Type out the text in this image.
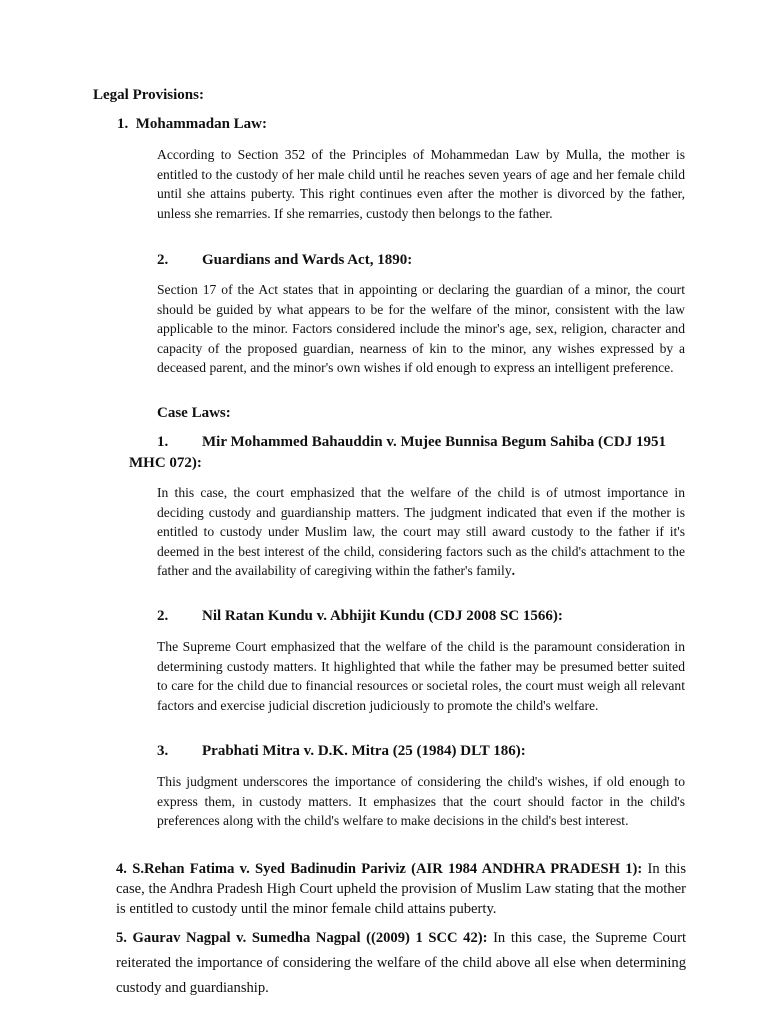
Legal Provisions:

1. Mohammadan Law:

According to Section 352 of the Principles of Mohammedan Law by Mulla, the mother is entitled to the custody of her male child until he reaches seven years of age and her female child until she attains puberty. This right continues even after the mother is divorced by the father, unless she remarries. If she remarries, custody then belongs to the father.

2. Guardians and Wards Act, 1890:

Section 17 of the Act states that in appointing or declaring the guardian of a minor, the court should be guided by what appears to be for the welfare of the minor, consistent with the law applicable to the minor. Factors considered include the minor's age, sex, religion, character and capacity of the proposed guardian, nearness of kin to the minor, any wishes expressed by a deceased parent, and the minor's own wishes if old enough to express an intelligent preference.

Case Laws:

1. Mir Mohammed Bahauddin v. Mujee Bunnisa Begum Sahiba (CDJ 1951

MHC 072):

In this case, the court emphasized that the welfare of the child is of utmost importance in deciding custody and guardianship matters. The judgment indicated that even if the mother is entitled to custody under Muslim law, the court may still award custody to the father if it's deemed in the best interest of the child, considering factors such as the child's attachment to the father and the availability of caregiving within the father's family.

2. Nil Ratan Kundu v. Abhijit Kundu (CDJ 2008 SC 1566):

The Supreme Court emphasized that the welfare of the child is the paramount consideration in determining custody matters. It highlighted that while the father may be presumed better suited to care for the child due to financial resources or societal roles, the court must weigh all relevant factors and exercise judicial discretion judiciously to promote the child's welfare.

3. Prabhati Mitra v. D.K. Mitra (25 (1984) DLT 186):

This judgment underscores the importance of considering the child's wishes, if old enough to express them, in custody matters. It emphasizes that the court should factor in the child's preferences along with the child's welfare to make decisions in the child's best interest.

4. S.Rehan Fatima v. Syed Badinudin Pariviz (AIR 1984 ANDHRA PRADESH 1): In this case, the Andhra Pradesh High Court upheld the provision of Muslim Law stating that the mother is entitled to custody until the minor female child attains puberty.

5. Gaurav Nagpal v. Sumedha Nagpal ((2009) 1 SCC 42): In this case, the Supreme Court reiterated the importance of considering the welfare of the child above all else when determining custody and guardianship.
